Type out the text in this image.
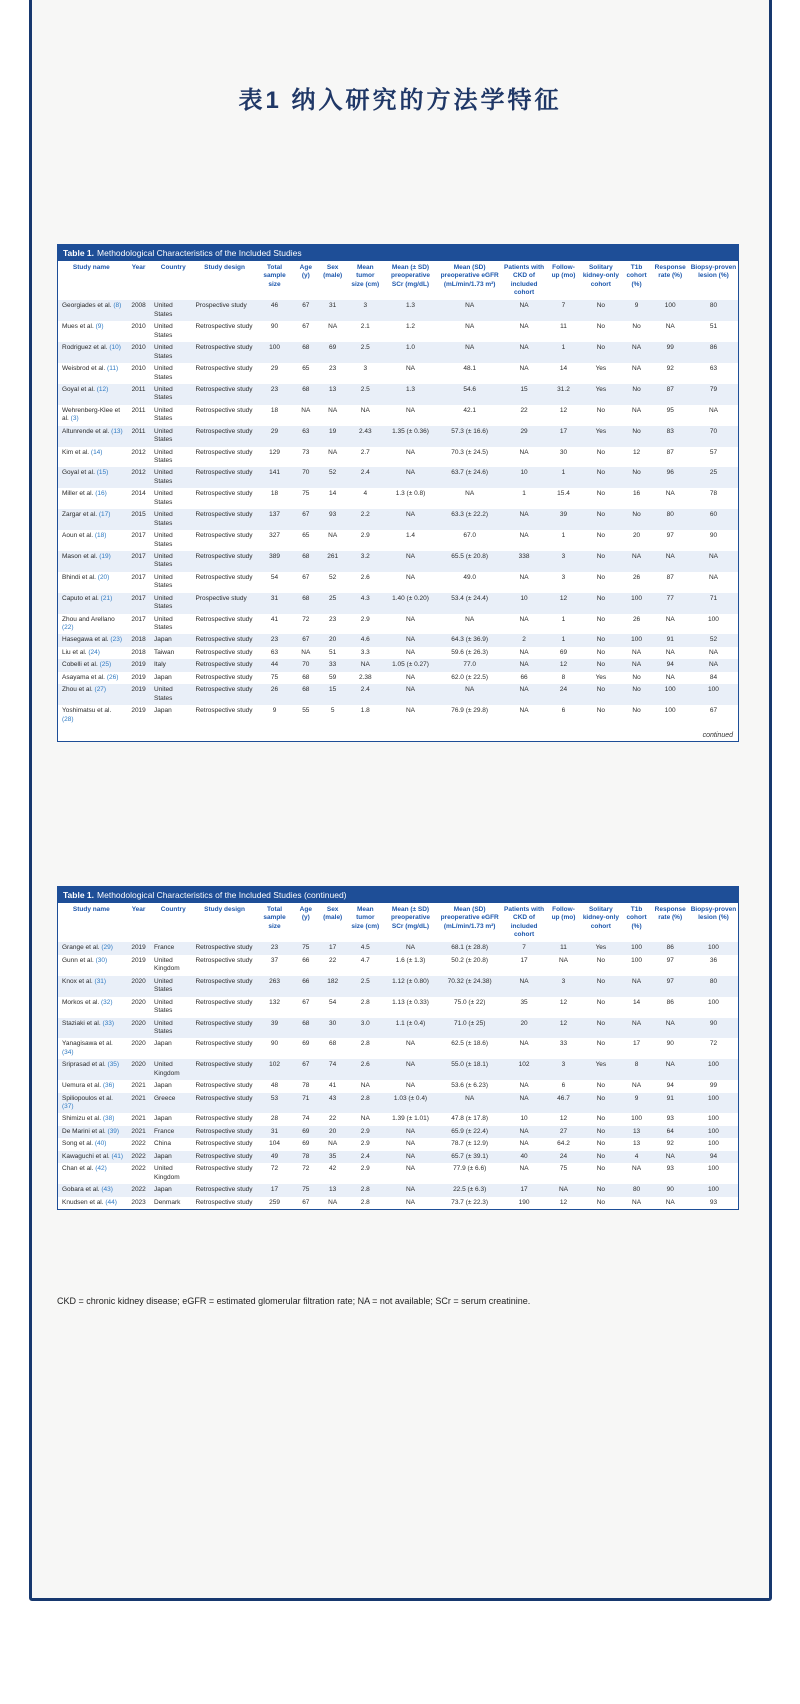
表1 纳入研究的方法学特征
Table 1. Methodological Characteristics of the Included Studies
Study name	Year	Country	Study design	Total sample size	Age (y)	Sex (male)	Mean tumor size (cm)	Mean (± SD) preoperative SCr (mg/dL)	Mean (SD) preoperative eGFR (mL/min/1.73 m²)	Patients with CKD of included cohort	Follow-up (mo)	Solitary kidney-only cohort	T1b cohort (%)	Response rate (%)	Biopsy-proven lesion (%)
Georgiades et al. (8)	2008	United States	Prospective study	46	67	31	3	1.3	NA	NA	7	No	9	100	80
Mues et al. (9)	2010	United States	Retrospective study	90	67	NA	2.1	1.2	NA	NA	11	No	No	NA	51
Rodriguez et al. (10)	2010	United States	Retrospective study	100	68	69	2.5	1.0	NA	NA	1	No	NA	99	86
Weisbrod et al. (11)	2010	United States	Retrospective study	29	65	23	3	NA	48.1	NA	14	Yes	NA	92	63
Goyal et al. (12)	2011	United States	Retrospective study	23	68	13	2.5	1.3	54.6	15	31.2	Yes	No	87	79
Wehrenberg-Klee et al. (3)	2011	United States	Retrospective study	18	NA	NA	NA	NA	42.1	22	12	No	NA	95	NA
Altunrende et al. (13)	2011	United States	Retrospective study	29	63	19	2.43	1.35 (± 0.36)	57.3 (± 16.6)	29	17	Yes	No	83	70
Kim et al. (14)	2012	United States	Retrospective study	129	73	NA	2.7	NA	70.3 (± 24.5)	NA	30	No	12	87	57
Goyal et al. (15)	2012	United States	Retrospective study	141	70	52	2.4	NA	63.7 (± 24.6)	10	1	No	No	96	25
Miller et al. (16)	2014	United States	Retrospective study	18	75	14	4	1.3 (± 0.8)	NA	1	15.4	No	16	NA	78
Zargar et al. (17)	2015	United States	Retrospective study	137	67	93	2.2	NA	63.3 (± 22.2)	NA	39	No	No	80	60
Aoun et al. (18)	2017	United States	Retrospective study	327	65	NA	2.9	1.4	67.0	NA	1	No	20	97	90
Mason et al. (19)	2017	United States	Retrospective study	389	68	261	3.2	NA	65.5 (± 20.8)	338	3	No	NA	NA	NA
Bhindi et al. (20)	2017	United States	Retrospective study	54	67	52	2.6	NA	49.0	NA	3	No	26	87	NA
Caputo et al. (21)	2017	United States	Prospective study	31	68	25	4.3	1.40 (± 0.20)	53.4 (± 24.4)	10	12	No	100	77	71
Zhou and Arellano (22)	2017	United States	Retrospective study	41	72	23	2.9	NA	NA	NA	1	No	26	NA	100
Hasegawa et al. (23)	2018	Japan	Retrospective study	23	67	20	4.6	NA	64.3 (± 36.9)	2	1	No	100	91	52
Liu et al. (24)	2018	Taiwan	Retrospective study	63	NA	51	3.3	NA	59.6 (± 26.3)	NA	69	No	NA	NA	NA
Cobelli et al. (25)	2019	Italy	Retrospective study	44	70	33	NA	1.05 (± 0.27)	77.0	NA	12	No	NA	94	NA
Asayama et al. (26)	2019	Japan	Retrospective study	75	68	59	2.38	NA	62.0 (± 22.5)	66	8	Yes	No	NA	84
Zhou et al. (27)	2019	United States	Retrospective study	26	68	15	2.4	NA	NA	NA	24	No	No	100	100
Yoshimatsu et al. (28)	2019	Japan	Retrospective study	9	55	5	1.8	NA	76.9 (± 29.8)	NA	6	No	No	100	67
continued
Table 1. Methodological Characteristics of the Included Studies (continued)
Study name	Year	Country	Study design	Total sample size	Age (y)	Sex (male)	Mean tumor size (cm)	Mean (± SD) preoperative SCr (mg/dL)	Mean (SD) preoperative eGFR (mL/min/1.73 m²)	Patients with CKD of included cohort	Follow-up (mo)	Solitary kidney-only cohort	T1b cohort (%)	Response rate (%)	Biopsy-proven lesion (%)
Grange et al. (29)	2019	France	Retrospective study	23	75	17	4.5	NA	68.1 (± 28.8)	7	11	Yes	100	86	100
Gunn et al. (30)	2019	United Kingdom	Retrospective study	37	66	22	4.7	1.6 (± 1.3)	50.2 (± 20.8)	17	NA	No	100	97	36
Knox et al. (31)	2020	United States	Retrospective study	263	66	182	2.5	1.12 (± 0.80)	70.32 (± 24.38)	NA	3	No	NA	97	80
Morkos et al. (32)	2020	United States	Retrospective study	132	67	54	2.8	1.13 (± 0.33)	75.0 (± 22)	35	12	No	14	86	100
Staziaki et al. (33)	2020	United States	Retrospective study	39	68	30	3.0	1.1 (± 0.4)	71.0 (± 25)	20	12	No	NA	NA	90
Yanagisawa et al. (34)	2020	Japan	Retrospective study	90	69	68	2.8	NA	62.5 (± 18.6)	NA	33	No	17	90	72
Sriprasad et al. (35)	2020	United Kingdom	Retrospective study	102	67	74	2.6	NA	55.0 (± 18.1)	102	3	Yes	8	NA	100
Uemura et al. (36)	2021	Japan	Retrospective study	48	78	41	NA	NA	53.6 (± 6.23)	NA	6	No	NA	94	99
Spiliopoulos et al. (37)	2021	Greece	Retrospective study	53	71	43	2.8	1.03 (± 0.4)	NA	NA	46.7	No	9	91	100
Shimizu et al. (38)	2021	Japan	Retrospective study	28	74	22	NA	1.39 (± 1.01)	47.8 (± 17.8)	10	12	No	100	93	100
De Marini et al. (39)	2021	France	Retrospective study	31	69	20	2.9	NA	65.9 (± 22.4)	NA	27	No	13	64	100
Song et al. (40)	2022	China	Retrospective study	104	69	NA	2.9	NA	78.7 (± 12.9)	NA	64.2	No	13	92	100
Kawaguchi et al. (41)	2022	Japan	Retrospective study	49	78	35	2.4	NA	65.7 (± 39.1)	40	24	No	4	NA	94
Chan et al. (42)	2022	United Kingdom	Retrospective study	72	72	42	2.9	NA	77.9 (± 6.6)	NA	75	No	NA	93	100
Gobara et al. (43)	2022	Japan	Retrospective study	17	75	13	2.8	NA	22.5 (± 6.3)	17	NA	No	80	90	100
Knudsen et al. (44)	2023	Denmark	Retrospective study	259	67	NA	2.8	NA	73.7 (± 22.3)	190	12	No	NA	NA	93

CKD = chronic kidney disease; eGFR = estimated glomerular filtration rate; NA = not available; SCr = serum creatinine.
